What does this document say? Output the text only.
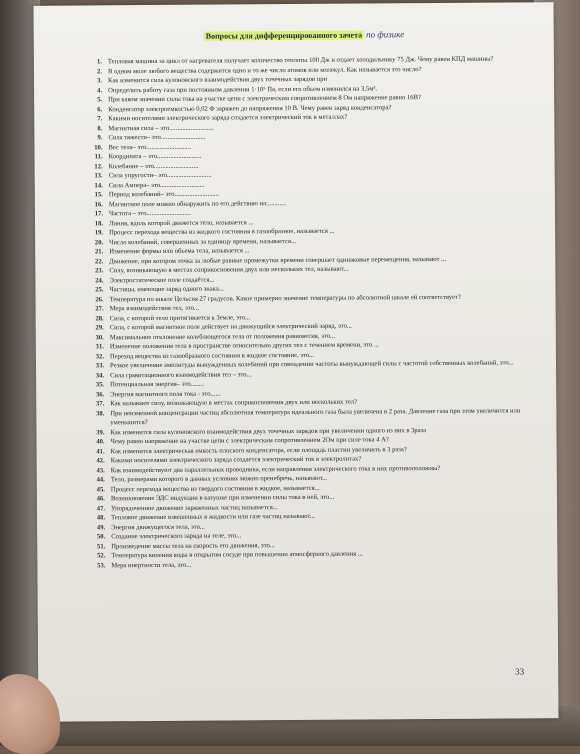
Вопросы для дифференцированного зачета по физике
1. Тепловая машина за цикл от нагревателя получает количество теплоты 100 Дж и отдает холодильнику 75 Дж. Чему равен КПД машины?
2. В одном моле любого вещества содержится одно и то же число атомов или молекул. Как называется это число?
3. Как изменится сила кулоновского взаимодействия двух точечных зарядов при
4. Определить работу газа при постоянном давлении 1·10⁵ Па, если его объем изменился на 3,5м³.
5. При каком значении силы тока на участке цепи с электрическим сопротивлением 8 Ом напряжение равно 16В?
6. Конденсатор электроемкостью 0,02 Ф заряжен до напряжения 10 В. Чему равен заряд конденсатора?
7. Какими носителями электрического заряда создается электрический ток в металлах?
8. Магнитная сила – это...........................
9. Сила тяжести– это...........................
10. Вес тела– это...........................
11. Координата – это...........................
12. Колебание – это...........................
13. Сила упругости– это...........................
14. Сила Ампера– это...........................
15. Период колебаний– это...........................
16. Магнитное поле можно обнаружить по его действию на:...........
17. Частота – это...........................
18. Линия, вдоль которой движется тело, называется ...
19. Процесс перехода вещества из жидкого состояния в газообразное, называется ...
20. Число колебаний, совершенных за единицу времени, называется...
21. Изменение формы или объема тела, называется ...
22. Движение, при котором точка за любые равные промежутки времени совершает одинаковые перемещения, называют ...
23. Силу, возникающую в местах соприкосновения двух или нескольких тел, называют...
24. Электростатическое поле создаётся...
25. Частицы, имеющие заряд одного знака...
26. Температура по шкале Цельсия 27 градусов. Какое примерно значение температуры по абсолютной шкале ей соответствует?
27. Мера взаимодействия тел, это...
28. Сила, с которой тело притягивается к Земле, это...
29. Сила, с которой магнитное поле действует на движущийся электрический заряд, это...
30. Максимальное отклонение колеблющегося тела от положения равновесия, это...
31. Изменение положения тела в пространстве относительно других тел с течением времени, это ...
32. Переход вещества из газообразного состояния в жидкое состояние, это...
33. Резкое увеличение амплитуды вынужденных колебаний при совпадении частоты вынуждающей силы с частотой собственных колебаний, это...
34. Сила гравитационного взаимодействия тел – это...
35. Потенциальная энергия– это........
36. Энергия магнитного поля тока - это......
37. Как называют силу, возникающую в местах соприкосновения двух или нескольких тел?
38. При неизменной концентрации частиц абсолютная температура идеального газа была увеличена в 2 раза. Давление газа при этом увеличится или уменьшится?
39. Как изменится сила кулоновского взаимодействия двух точечных зарядов при увеличении одного из них в 3раза
40. Чему равно напряжение на участке цепи с электрическим сопротивлением 2Ом при силе тока 4 А?
41. Как изменится электрическая емкость плоского конденсатора, если площадь пластин увеличить в 3 раза?
42. Какими носителями электрического заряда создается электрический ток в электролитах?
43. Как взаимодействуют два параллельных проводника, если направления электрического тока в них противоположны?
44. Тело, размерами которого в данных условиях можно пренебречь, называют...
45. Процесс перехода вещества из твердого состояния в жидкое, называется...
46. Возникновение ЭДС индукции в катушке при изменении силы тока в ней, это...
47. Упорядоченное движение заряженных частиц называется...
48. Тепловое движение взвешенных в жидкости или газе частиц называют...
49. Энергия движущегося тела, это...
50. Создание электрического заряда на теле, это...
51. Произведение массы тела на скорость его движения, это...
52. Температура кипения воды в открытом сосуде при повышении атмосферного давления ...
53. Мера инертности тела, это...
33
